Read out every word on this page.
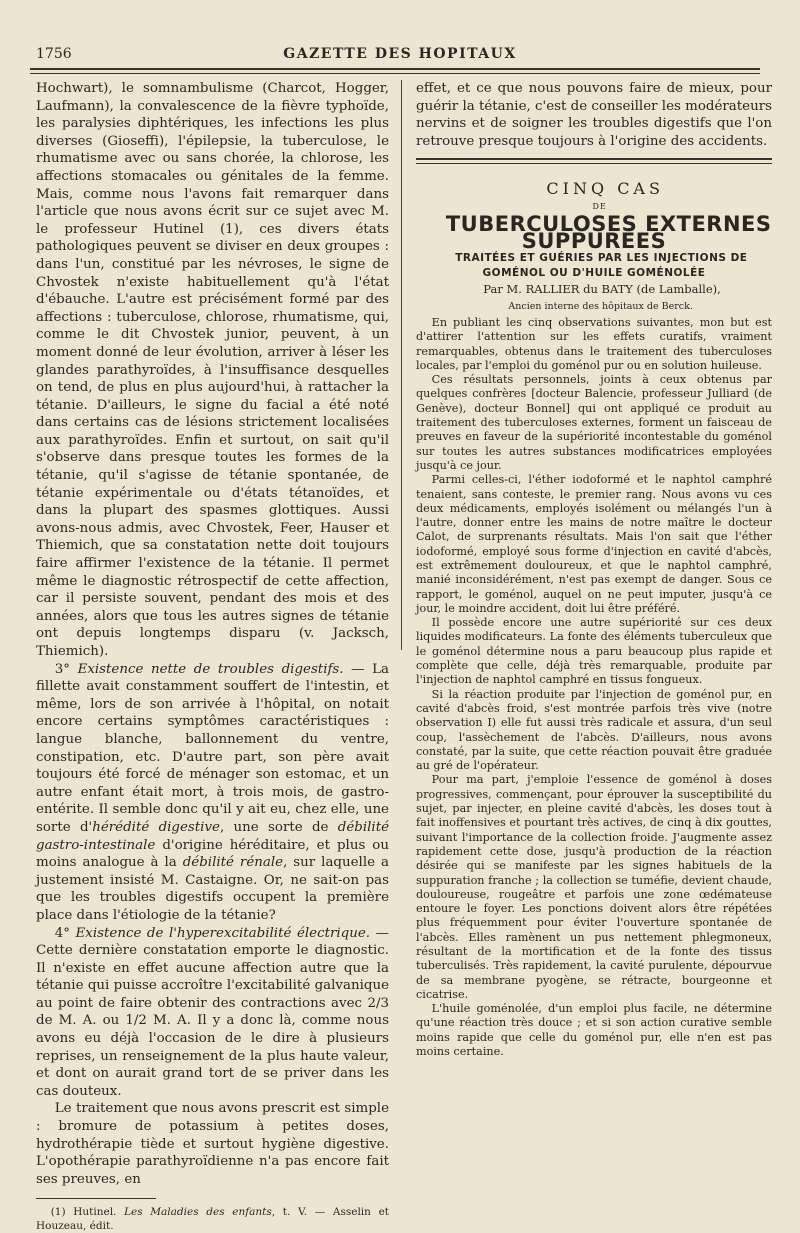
1756	GAZETTE DES HOPITAUX

Hochwart), le somnambulisme (Charcot, Hogger, Laufmann), la convalescence de la fièvre typhoïde, les paralysies diphtériques, les infections les plus diverses (Gioseffi), l'épilepsie, la tuberculose, le rhumatisme avec ou sans chorée, la chlorose, les affections stomacales ou génitales de la femme. Mais, comme nous l'avons fait remarquer dans l'article que nous avons écrit sur ce sujet avec M. le professeur Hutinel (1), ces divers états pathologiques peuvent se diviser en deux groupes : dans l'un, constitué par les névroses, le signe de Chvostek n'existe habituellement qu'à l'état d'ébauche. L'autre est précisément formé par des affections : tuberculose, chlorose, rhumatisme, qui, comme le dit Chvostek junior, peuvent, à un moment donné de leur évolution, arriver à léser les glandes parathyroïdes, à l'insuffisance desquelles on tend, de plus en plus aujourd'hui, à rattacher la tétanie. D'ailleurs, le signe du facial a été noté dans certains cas de lésions strictement localisées aux parathyroïdes. Enfin et surtout, on sait qu'il s'observe dans presque toutes les formes de la tétanie, qu'il s'agisse de tétanie spontanée, de tétanie expérimentale ou d'états tétanoïdes, et dans la plupart des spasmes glottiques. Aussi avons-nous admis, avec Chvostek, Feer, Hauser et Thiemich, que sa constatation nette doit toujours faire affirmer l'existence de la tétanie. Il permet même le diagnostic rétrospectif de cette affection, car il persiste souvent, pendant des mois et des années, alors que tous les autres signes de tétanie ont depuis longtemps disparu (v. Jacksch, Thiemich).

3° Existence nette de troubles digestifs. — La fillette avait constamment souffert de l'intestin, et même, lors de son arrivée à l'hôpital, on notait encore certains symptômes caractéristiques : langue blanche, ballonnement du ventre, constipation, etc. D'autre part, son père avait toujours été forcé de ménager son estomac, et un autre enfant était mort, à trois mois, de gastro-entérite. Il semble donc qu'il y ait eu, chez elle, une sorte d'hérédité digestive, une sorte de débilité gastro-intestinale d'origine héréditaire, et plus ou moins analogue à la débilité rénale, sur laquelle a justement insisté M. Castaigne. Or, ne sait-on pas que les troubles digestifs occupent la première place dans l'étiologie de la tétanie?

4° Existence de l'hyperexcitabilité électrique. — Cette dernière constatation emporte le diagnostic. Il n'existe en effet aucune affection autre que la tétanie qui puisse accroître l'excitabilité galvanique au point de faire obtenir des contractions avec 2/3 de M. A. ou 1/2 M. A. Il y a donc là, comme nous avons eu déjà l'occasion de le dire à plusieurs reprises, un renseignement de la plus haute valeur, et dont on aurait grand tort de se priver dans les cas douteux.

Le traitement que nous avons prescrit est simple : bromure de potassium à petites doses, hydrothérapie tiède et surtout hygiène digestive. L'opothérapie parathyroïdienne n'a pas encore fait ses preuves, en

(1) Hutinel. Les Maladies des enfants, t. V. — Asselin et Houzeau, édit.

effet, et ce que nous pouvons faire de mieux, pour guérir la tétanie, c'est de conseiller les modérateurs nervins et de soigner les troubles digestifs que l'on retrouve presque toujours à l'origine des accidents.

CINQ CAS

DE

TUBERCULOSES EXTERNES SUPPURÉES

TRAITÉES ET GUÉRIES PAR LES INJECTIONS DE GOMÉNOL OU D'HUILE GOMÉNOLÉE

Par M. RALLIER du BATY (de Lamballe),

Ancien interne des hôpitaux de Berck.

En publiant les cinq observations suivantes, mon but est d'attirer l'attention sur les effets curatifs, vraiment remarquables, obtenus dans le traitement des tuberculoses locales, par l'emploi du goménol pur ou en solution huileuse.

Ces résultats personnels, joints à ceux obtenus par quelques confrères [docteur Balencie, professeur Julliard (de Genève), docteur Bonnel] qui ont appliqué ce produit au traitement des tuberculoses externes, forment un faisceau de preuves en faveur de la supériorité incontestable du goménol sur toutes les autres substances modificatrices employées jusqu'à ce jour.

Parmi celles-ci, l'éther iodoformé et le naphtol camphré tenaient, sans conteste, le premier rang. Nous avons vu ces deux médicaments, employés isolément ou mélangés l'un à l'autre, donner entre les mains de notre maître le docteur Calot, de surprenants résultats. Mais l'on sait que l'éther iodoformé, employé sous forme d'injection en cavité d'abcès, est extrêmement douloureux, et que le naphtol camphré, manié inconsidérément, n'est pas exempt de danger. Sous ce rapport, le goménol, auquel on ne peut imputer, jusqu'à ce jour, le moindre accident, doit lui être préféré.

Il possède encore une autre supériorité sur ces deux liquides modificateurs. La fonte des éléments tuberculeux que le goménol détermine nous a paru beaucoup plus rapide et complète que celle, déjà très remarquable, produite par l'injection de naphtol camphré en tissus fongueux.

Si la réaction produite par l'injection de goménol pur, en cavité d'abcès froid, s'est montrée parfois très vive (notre observation I) elle fut aussi très radicale et assura, d'un seul coup, l'assèchement de l'abcès. D'ailleurs, nous avons constaté, par la suite, que cette réaction pouvait être graduée au gré de l'opérateur.

Pour ma part, j'emploie l'essence de goménol à doses progressives, commençant, pour éprouver la susceptibilité du sujet, par injecter, en pleine cavité d'abcès, les doses tout à fait inoffensives et pourtant très actives, de cinq à dix gouttes, suivant l'importance de la collection froide. J'augmente assez rapidement cette dose, jusqu'à production de la réaction désirée qui se manifeste par les signes habituels de la suppuration franche ; la collection se tuméfie, devient chaude, douloureuse, rougeâtre et parfois une zone œdémateuse entoure le foyer. Les ponctions doivent alors être répétées plus fréquemment pour éviter l'ouverture spontanée de l'abcès. Elles ramènent un pus nettement phlegmoneux, résultant de la mortification et de la fonte des tissus tuberculisés. Très rapidement, la cavité purulente, dépourvue de sa membrane pyogène, se rétracte, bourgeonne et cicatrise.

L'huile goménolée, d'un emploi plus facile, ne détermine qu'une réaction très douce ; et si son action curative semble moins rapide que celle du goménol pur, elle n'en est pas moins certaine.
